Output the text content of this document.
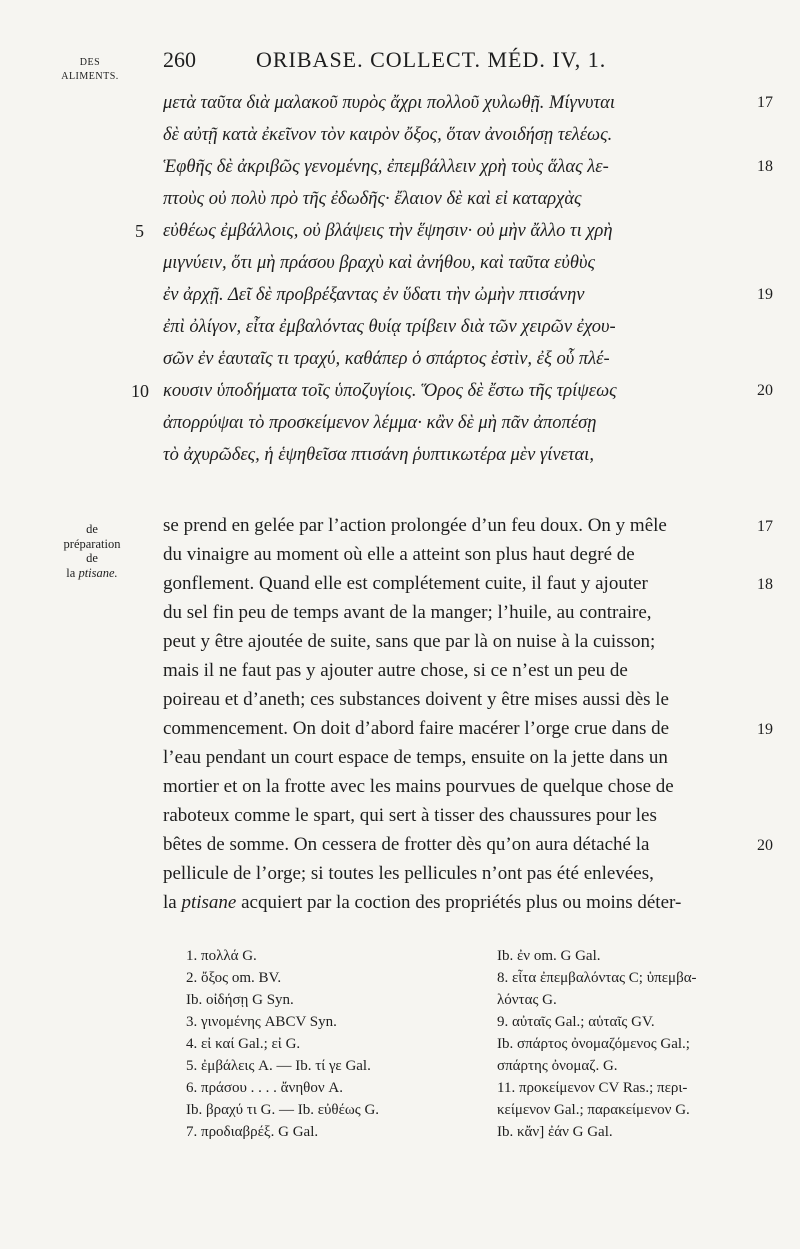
DES ALIMENTS.
260	ORIBASE. COLLECT. MÉD. IV, 1.
μετὰ ταῦτα διὰ μαλακοῦ πυρὸς ἄχρι πολλοῦ χυλωθῇ. Μίγνυται
δὲ αὐτῇ κατὰ ἐκεῖνον τὸν καιρὸν ὄξος, ὅταν ἀνοιδήσῃ τελέως.
Ἑφθῆς δὲ ἀκριβῶς γενομένης, ἐπεμβάλλειν χρὴ τοὺς ἅλας λε-
πτοὺς οὐ πολὺ πρὸ τῆς ἐδωδῆς· ἔλαιον δὲ καὶ εἰ καταρχὰς
εὐθέως ἐμβάλλοις, οὐ βλάψεις τὴν ἕψησιν· οὐ μὴν ἄλλο τι χρὴ
μιγνύειν, ὅτι μὴ πράσου βραχὺ καὶ ἀνήθου, καὶ ταῦτα εὐθὺς
ἐν ἀρχῇ. Δεῖ δὲ προβρέξαντας ἐν ὕδατι τὴν ὠμὴν πτισάνην
ἐπὶ ὀλίγον, εἶτα ἐμβαλόντας θυίᾳ τρίβειν διὰ τῶν χειρῶν ἐχου-
σῶν ἐν ἑαυταῖς τι τραχύ, καθάπερ ὁ σπάρτος ἐστὶν, ἐξ οὗ πλέ-
κουσιν ὑποδήματα τοῖς ὑποζυγίοις. Ὅρος δὲ ἔστω τῆς τρίψεως
ἀπορρύψαι τὸ προσκείμενον λέμμα· κἂν δὲ μὴ πᾶν ἀποπέσῃ
τὸ ἀχυρῶδες, ἡ ἑψηθεῖσα πτισάνη ῥυπτικωτέρα μὲν γίνεται,
5
10
17
18
19
20
de
préparation
de
la ptisane.
se prend en gelée par l’action prolongée d’un feu doux. On y mêle
du vinaigre au moment où elle a atteint son plus haut degré de
gonflement. Quand elle est complétement cuite, il faut y ajouter
du sel fin peu de temps avant de la manger; l’huile, au contraire,
peut y être ajoutée de suite, sans que par là on nuise à la cuisson;
mais il ne faut pas y ajouter autre chose, si ce n’est un peu de
poireau et d’aneth; ces substances doivent y être mises aussi dès le
commencement. On doit d’abord faire macérer l’orge crue dans de
l’eau pendant un court espace de temps, ensuite on la jette dans un
mortier et on la frotte avec les mains pourvues de quelque chose de
raboteux comme le spart, qui sert à tisser des chaussures pour les
bêtes de somme. On cessera de frotter dès qu’on aura détaché la
pellicule de l’orge; si toutes les pellicules n’ont pas été enlevées,
la ptisane acquiert par la coction des propriétés plus ou moins déter-
17
18
19
20
1. πολλά G.
2. ὄξος om. BV.
Ib. οἰδήσῃ G Syn.
3. γινομένης ABCV Syn.
4. εἰ καί Gal.; εἰ G.
5. ἐμβάλεις A. — Ib. τί γε Gal.
6. πράσου . . . . ἄνηθον A.
Ib. βραχύ τι G. — Ib. εὐθέως G.
7. προδιαβρέξ. G Gal.
Ib. ἐν om. G Gal.
8. εἶτα ἐπεμβαλόντας C; ὑπεμβα-
λόντας G.
9. αὐταῖς Gal.; αὑταῖς GV.
Ib. σπάρτος ὀνομαζόμενος Gal.;
σπάρτης ὀνομαζ. G.
11. προκείμενον CV Ras.; περι-
κείμενον Gal.; παρακείμενον G.
Ib. κἄν] ἐάν G Gal.
